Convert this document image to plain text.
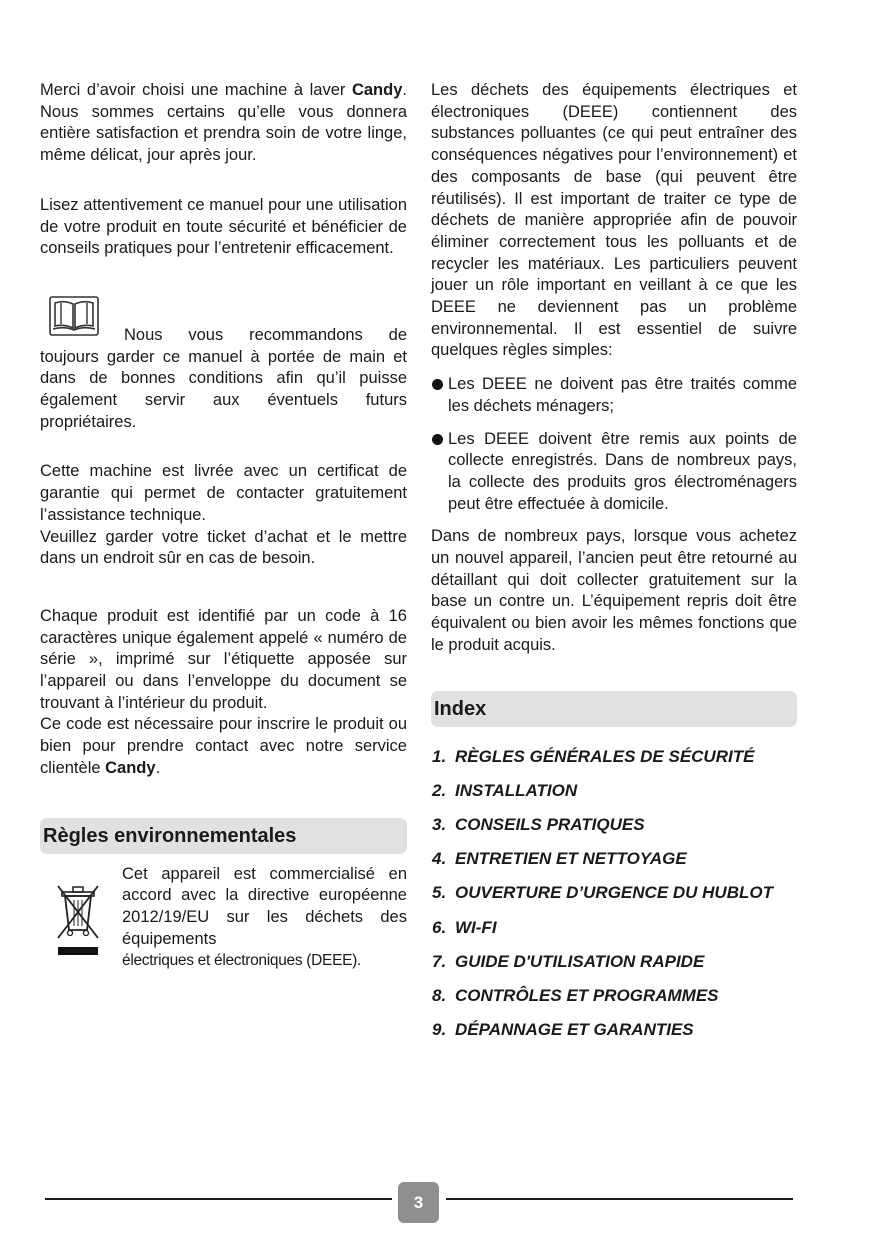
Merci d’avoir choisi une machine à laver Candy. Nous sommes certains qu’elle vous donnera entière satisfaction et prendra soin de votre linge, même délicat, jour après jour.

Lisez attentivement ce manuel pour une utilisation de votre produit en toute sécurité et bénéficier de conseils pratiques pour l’entretenir efficacement.

Nous vous recommandons de

toujours garder ce manuel à portée de main et dans de bonnes conditions afin qu’il puisse également servir aux éventuels futurs propriétaires.

Cette machine est livrée avec un certificat de garantie qui permet de contacter gratuitement l’assistance technique.

Veuillez garder votre ticket d’achat et le mettre dans un endroit sûr en cas de besoin.

Chaque produit est identifié par un code à 16 caractères unique également appelé « numéro de série », imprimé sur l’étiquette apposée sur l’appareil ou dans l’enveloppe du document se trouvant à l’intérieur du produit.

Ce code est nécessaire pour inscrire le produit ou bien pour prendre contact avec notre service clientèle Candy.

Règles environnementales
Cet appareil est commercialisé en accord avec la directive européenne 2012/19/EU sur les déchets des équipements
électriques et électroniques (DEEE).

Les déchets des équipements électriques et électroniques (DEEE) contiennent des substances polluantes (ce qui peut entraîner des conséquences négatives pour l’environnement) et des composants de base (qui peuvent être réutilisés). Il est important de traiter ce type de déchets de manière appropriée afin de pouvoir éliminer correctement tous les polluants et de recycler les matériaux. Les particuliers peuvent jouer un rôle important en veillant à ce que les DEEE ne deviennent pas un problème environnemental. Il est essentiel de suivre quelques règles simples:

Les DEEE ne doivent pas être traités comme les déchets ménagers;
Les DEEE doivent être remis aux points de collecte enregistrés. Dans de nombreux pays, la collecte des produits gros électroménagers peut être effectuée à domicile.

Dans de nombreux pays, lorsque vous achetez un nouvel appareil, l’ancien peut être retourné au détaillant qui doit collecter gratuitement sur la base un contre un. L’équipement repris doit être équivalent ou bien avoir les mêmes fonctions que le produit acquis.

Index
1. RÈGLES GÉNÉRALES DE SÉCURITÉ
2. INSTALLATION
3. CONSEILS PRATIQUES
4. ENTRETIEN ET NETTOYAGE
5. OUVERTURE D’URGENCE DU HUBLOT
6. WI-FI
7. GUIDE D'UTILISATION RAPIDE
8. CONTRÔLES ET PROGRAMMES
9. DÉPANNAGE ET GARANTIES
3
